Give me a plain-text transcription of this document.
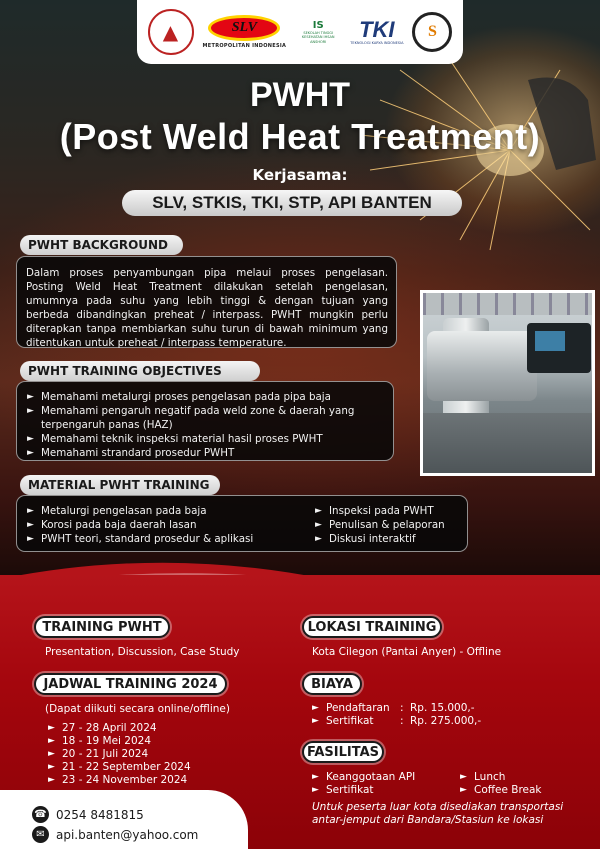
▲	SLV
METROPOLITAN INDONESIA
IS
SEKOLAH TINGGI KESEHATAN IHSAN ANSHORI	TKI
TEKNOLOGI KARYA INDONESIA
S
PWHT
(Post Weld Heat Treatment)
Kerjasama:
SLV, STKIS, TKI, STP, API BANTEN
PWHT BACKGROUND
Dalam proses penyambungan pipa melaui proses pengelasan. Posting Weld Heat Treatment dilakukan setelah pengelasan, umumnya pada suhu yang lebih tinggi & dengan tujuan yang berbeda dibandingkan preheat / interpass. PWHT mungkin perlu diterapkan tanpa membiarkan suhu turun di bawah minimum yang ditentukan untuk preheat / interpass temperature.
PWHT TRAINING OBJECTIVES
► Memahami metalurgi proses pengelasan pada pipa baja
► Memahami pengaruh negatif pada weld zone & daerah yang terpengaruh panas (HAZ)
► Memahami teknik inspeksi material hasil proses PWHT
► Memahami strandard prosedur PWHT
MATERIAL PWHT TRAINING
► Metalurgi pengelasan pada baja
► Korosi pada baja daerah lasan
► PWHT teori, standard prosedur & aplikasi
► Inspeksi pada PWHT
► Penulisan & pelaporan
► Diskusi interaktif
TRAINING PWHT
Presentation, Discussion, Case Study
JADWAL TRAINING 2024
(Dapat diikuti secara online/offline)
► 27 - 28 April 2024
► 18 - 19 Mei 2024
► 20 - 21 Juli 2024
► 21 - 22 September 2024
► 23 - 24 November 2024
LOKASI TRAINING
Kota Cilegon (Pantai Anyer) - Offline
BIAYA
► Pendaftaran : Rp. 15.000,-
► Sertifikat	: Rp. 275.000,-
FASILITAS
► Keanggotaan API
► Sertifikat
► Lunch
► Coffee Break
Untuk peserta luar kota disediakan transportasi antar-jemput dari Bandara/Stasiun ke lokasi
☎ 0254 8481815
✉ api.banten@yahoo.com
